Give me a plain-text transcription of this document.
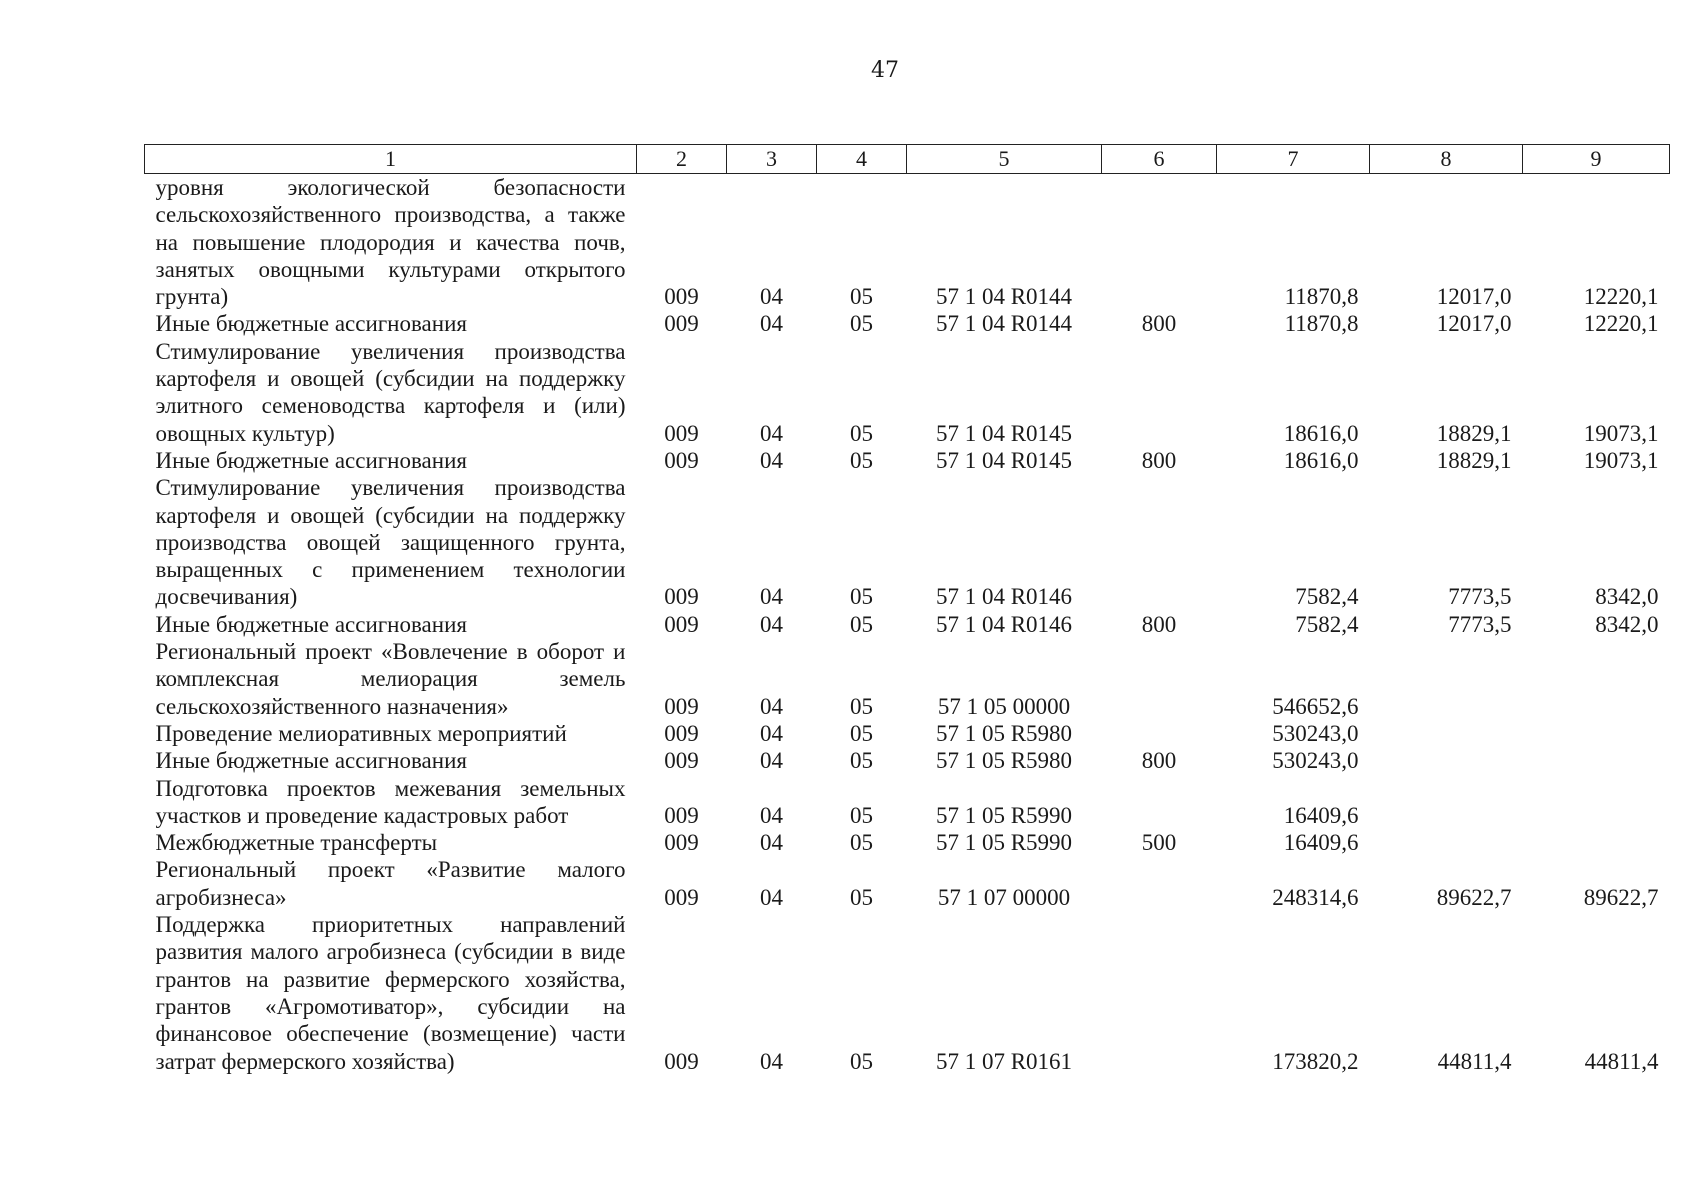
47
1	2	3	4	5	6	7	8	9
уровня экологической безопасности сельскохозяйственного производства, а также на повышение плодородия и качества почв, занятых овощными культурами открытого грунта)	009	04	05	57 1 04 R0144		11870,8	12017,0	12220,1
Иные бюджетные ассигнования	009	04	05	57 1 04 R0144	800	11870,8	12017,0	12220,1
Стимулирование увеличения производства картофеля и овощей (субсидии на поддержку элитного семеноводства картофеля и (или) овощных культур)	009	04	05	57 1 04 R0145		18616,0	18829,1	19073,1
Иные бюджетные ассигнования	009	04	05	57 1 04 R0145	800	18616,0	18829,1	19073,1
Стимулирование увеличения производства картофеля и овощей (субсидии на поддержку производства овощей защищенного грунта, выращенных с применением технологии досвечивания)	009	04	05	57 1 04 R0146		7582,4	7773,5	8342,0
Иные бюджетные ассигнования	009	04	05	57 1 04 R0146	800	7582,4	7773,5	8342,0
Региональный проект «Вовлечение в оборот и комплексная мелиорация земель сельскохозяйственного назначения»	009	04	05	57 1 05 00000		546652,6		
Проведение мелиоративных мероприятий	009	04	05	57 1 05 R5980		530243,0		
Иные бюджетные ассигнования	009	04	05	57 1 05 R5980	800	530243,0		
Подготовка проектов межевания земельных участков и проведение кадастровых работ	009	04	05	57 1 05 R5990		16409,6		
Межбюджетные трансферты	009	04	05	57 1 05 R5990	500	16409,6		
Региональный проект «Развитие малого агробизнеса»	009	04	05	57 1 07 00000		248314,6	89622,7	89622,7
Поддержка приоритетных направлений развития малого агробизнеса (субсидии в виде грантов на развитие фермерского хозяйства, грантов «Агромотиватор», субсидии на финансовое обеспечение (возмещение) части затрат фермерского хозяйства)	009	04	05	57 1 07 R0161		173820,2	44811,4	44811,4
